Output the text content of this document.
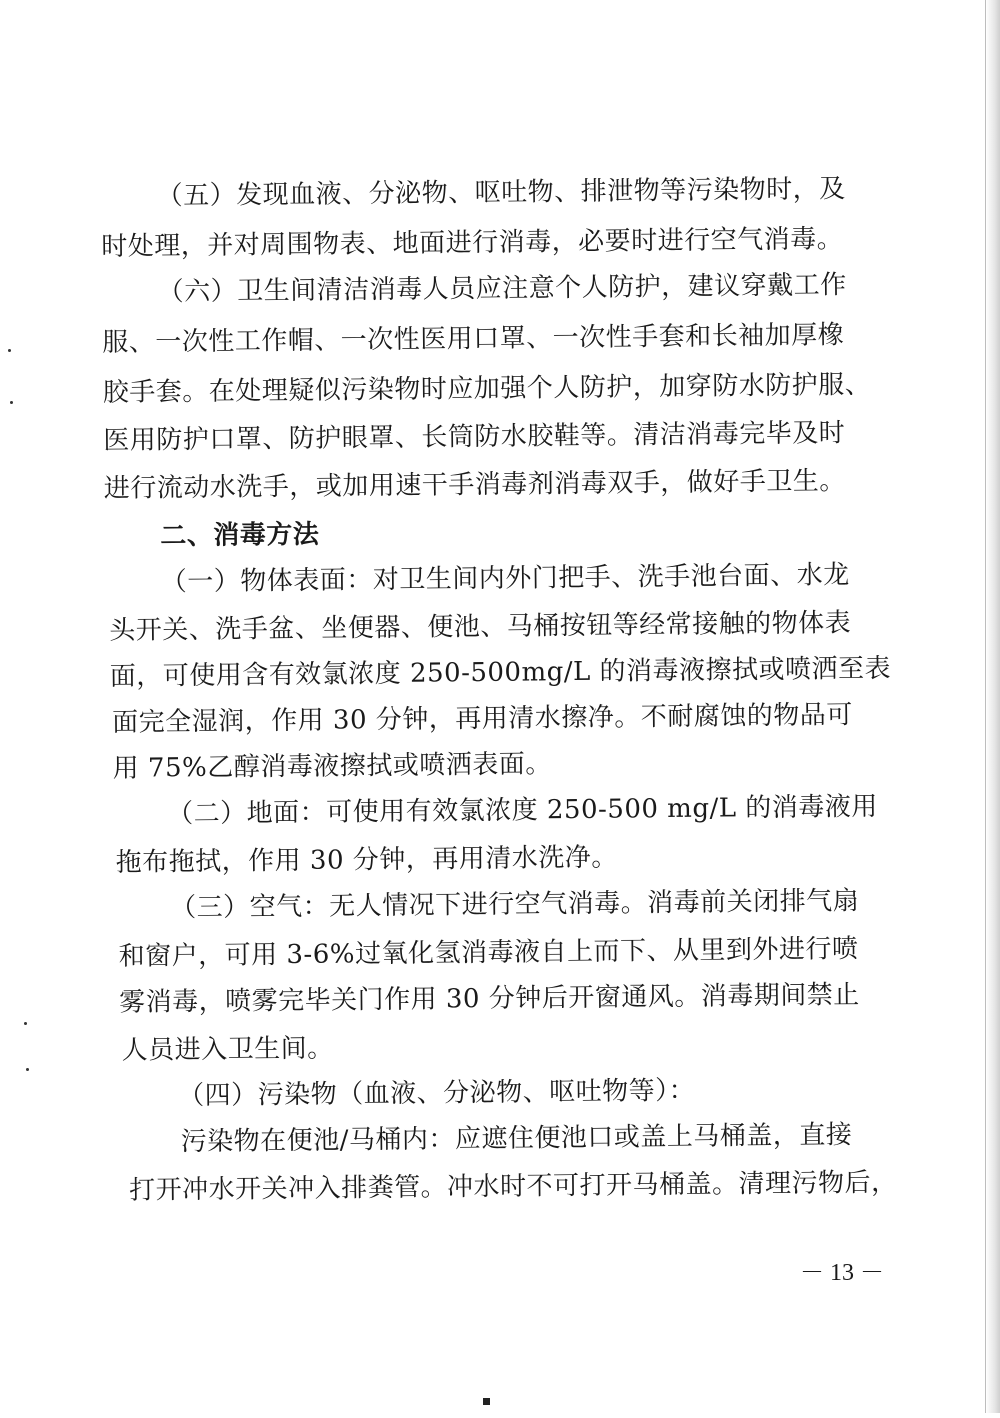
（五）发现血液、分泌物、呕吐物、排泄物等污染物时，及
时处理，并对周围物表、地面进行消毒，必要时进行空气消毒。
（六）卫生间清洁消毒人员应注意个人防护，建议穿戴工作
服、一次性工作帽、一次性医用口罩、一次性手套和长袖加厚橡
胶手套。在处理疑似污染物时应加强个人防护，加穿防水防护服、
医用防护口罩、防护眼罩、长筒防水胶鞋等。清洁消毒完毕及时
进行流动水洗手，或加用速干手消毒剂消毒双手，做好手卫生。
二、消毒方法
（一）物体表面：对卫生间内外门把手、洗手池台面、水龙
头开关、洗手盆、坐便器、便池、马桶按钮等经常接触的物体表
面，可使用含有效氯浓度 250-500mg/L 的消毒液擦拭或喷洒至表
面完全湿润，作用 30 分钟，再用清水擦净。不耐腐蚀的物品可
用 75%乙醇消毒液擦拭或喷洒表面。
（二）地面：可使用有效氯浓度 250-500 mg/L 的消毒液用
拖布拖拭，作用 30 分钟，再用清水洗净。
（三）空气：无人情况下进行空气消毒。消毒前关闭排气扇
和窗户，可用 3-6%过氧化氢消毒液自上而下、从里到外进行喷
雾消毒，喷雾完毕关门作用 30 分钟后开窗通风。消毒期间禁止
人员进入卫生间。
（四）污染物（血液、分泌物、呕吐物等）：
污染物在便池/马桶内：应遮住便池口或盖上马桶盖，直接
打开冲水开关冲入排粪管。冲水时不可打开马桶盖。清理污物后，
－ 13 －
